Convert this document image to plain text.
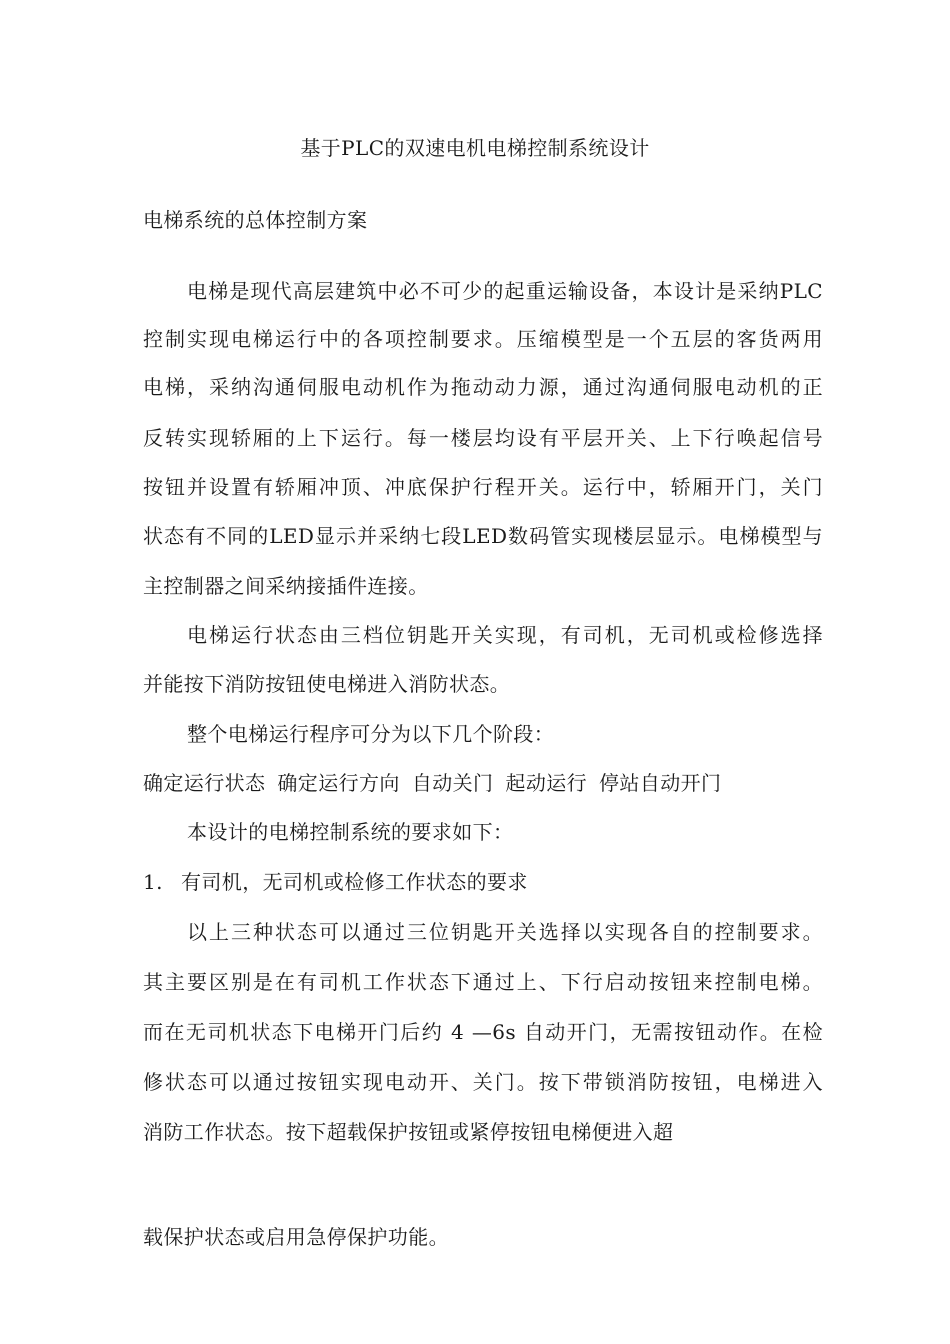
基于PLC的双速电机电梯控制系统设计
电梯系统的总体控制方案
电梯是现代高层建筑中必不可少的起重运输设备，本设计是采纳PLC
控制实现电梯运行中的各项控制要求。压缩模型是一个五层的客货两用
电梯，采纳沟通伺服电动机作为拖动动力源，通过沟通伺服电动机的正
反转实现轿厢的上下运行。每一楼层均设有平层开关、上下行唤起信号
按钮并设置有轿厢冲顶、冲底保护行程开关。运行中，轿厢开门，关门
状态有不同的LED显示并采纳七段LED数码管实现楼层显示。电梯模型与
主控制器之间采纳接插件连接。
电梯运行状态由三档位钥匙开关实现，有司机，无司机或检修选择
并能按下消防按钮使电梯进入消防状态。
整个电梯运行程序可分为以下几个阶段：
确定运行状态 确定运行方向 自动关门 起动运行 停站自动开门
本设计的电梯控制系统的要求如下：
1. 有司机，无司机或检修工作状态的要求
以上三种状态可以通过三位钥匙开关选择以实现各自的控制要求。
其主要区别是在有司机工作状态下通过上、下行启动按钮来控制电梯。
而在无司机状态下电梯开门后约 4 —6s 自动开门，无需按钮动作。在检
修状态可以通过按钮实现电动开、关门。按下带锁消防按钮，电梯进入
消防工作状态。按下超载保护按钮或紧停按钮电梯便进入超
载保护状态或启用急停保护功能。
